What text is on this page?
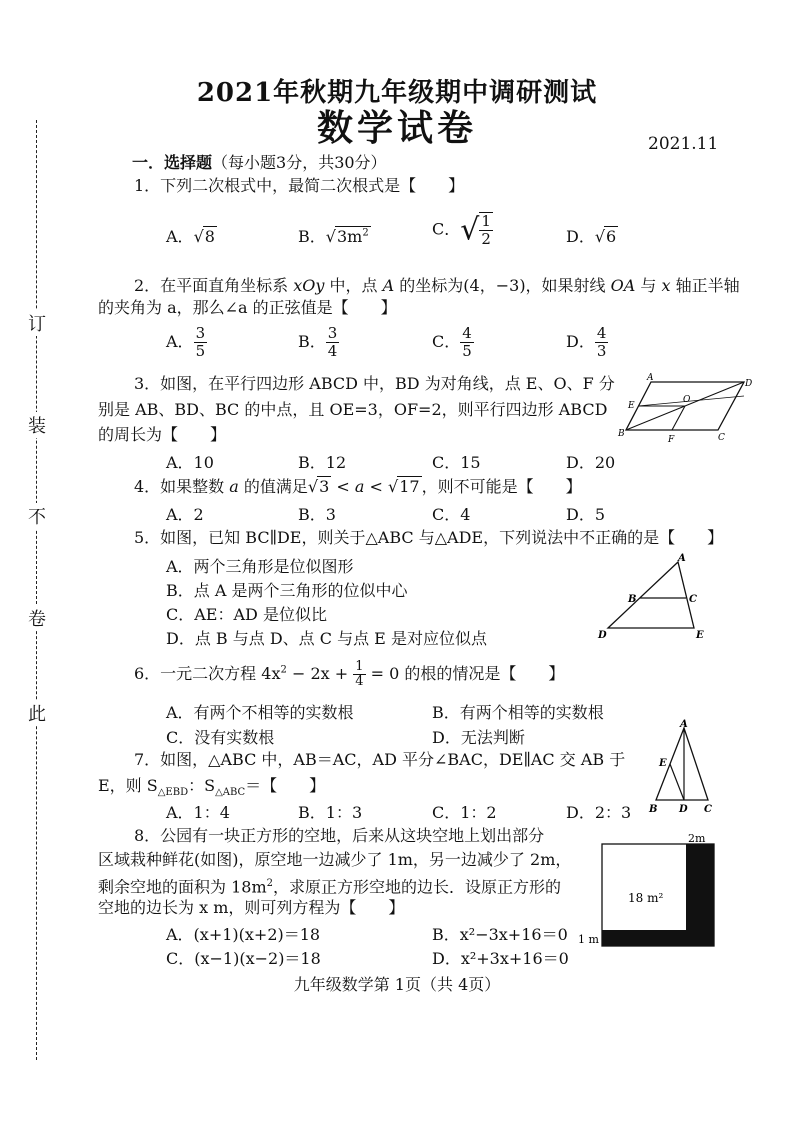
订
装
不
卷
此
2021年秋期九年级期中调研测试
数学试卷	2021.11
一．选择题（每小题3分，共30分）
1．下列二次根式中，最简二次根式是【　　】
A．√8	B．$√3m^2$	C．√ $\frac{1}{2}$	D．√6
2．在平面直角坐标系 xOy 中，点 A 的坐标为(4，−3)，如果射线 OA 与 x 轴正半轴
的夹角为 a，那么∠a 的正弦值是【　　】
A． $\frac{3}{5}$	B． $\frac{3}{4}$	C． $\frac{4}{5}$	D． $\frac{4}{3}$
3．如图，在平行四边形 ABCD 中，BD 为对角线，点 E、O、F 分
别是 AB、BD、BC 的中点，且 OE=3，OF=2，则平行四边形 ABCD
的周长为【　　】
A．10	B．12	C．15	D．20
A
D
E
O
B
F	C
4．如果整数 a 的值满足√3 < a < √17 ，则不可能是【　　】
A．2	B．3	C．4	D．5
5．如图，已知 BC∥DE，则关于△ABC 与△ADE，下列说法中不正确的是【　　】
A．两个三角形是位似图形
B．点 A 是两个三角形的位似中心
C．AE：AD 是位似比
D．点 B 与点 D、点 C 与点 E 是对应位似点
A
B	C
D	E
6．一元二次方程 $4x^2 - 2x + \frac{1}{4} = 0$ 的根的情况是【　　】
A．有两个不相等的实数根	B．有两个相等的实数根
C．没有实数根	D．无法判断
7．如图，△ABC 中，AB＝AC，AD 平分∠BAC，DE∥AC 交 AB 于
E，则 $S_{\triangle EBD}$：$S_{\triangle ABC}=$【　　】
A．1：4	B．1：3	C．1：2	D．2：3
A
E
B D C
8．公园有一块正方形的空地，后来从这块空地上划出部分
区域栽种鲜花(如图)，原空地一边减少了 1m，另一边减少了 2m，
剩余空地的面积为 $18m^2$，求原正方形空地的边长．设原正方形的
空地的边长为 x m，则可列方程为【　　】
A．(x+1)(x+2)＝18	B．x²−3x+16＝0
C．(x−1)(x−2)＝18	D．x²+3x+16＝0
2m
18 m²
1 m
九年级数学第 1页（共 4页）
